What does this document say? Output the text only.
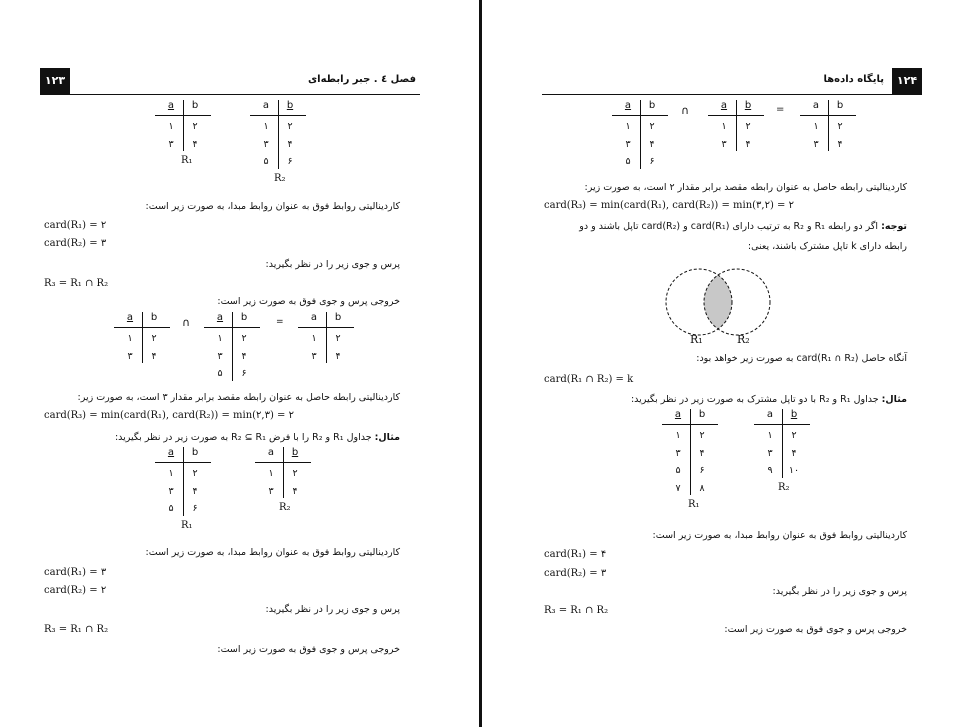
۱۲۳	فصل ٤ . جبر رابطه‌ای
a	b
۱	۲
۳	۴
R₁
a	b
۱	۲
۳	۴
۵	۶
R₂
کاردینالیتی روابط فوق به عنوان روابط مبدا، به صورت زیر است:
card(R₁) = ۲
card(R₂) = ۳
پرس و جوی زیر را در نظر بگیرید:
R₃ = R₁ ∩ R₂
خروجی پرس و جوی فوق به صورت زیر است:
a	b
۱	۲
۳	۴
∩	a	b
۱	۲
۳	۴
۵	۶
=	a	b
۱	۲
۳	۴
کاردینالیتی رابطه حاصل به عنوان رابطه مقصد برابر مقدار ۳ است، به صورت زیر:
card(R₃) = min(card(R₁), card(R₂)) = min(۲,۳) = ۲
مثال: جداول R₁ و R₂ را با فرض R₂ ⊆ R₁ به صورت زیر در نظر بگیرید:
a	b
۱	۲
۳	۴
۵	۶
R₁
a	b
۱	۲
۳	۴
R₂
کاردینالیتی روابط فوق به عنوان روابط مبدا، به صورت زیر است:
card(R₁) = ۳
card(R₂) = ۲
پرس و جوی زیر را در نظر بگیرید:
R₃ = R₁ ∩ R₂
خروجی پرس و جوی فوق به صورت زیر است:
۱۲۴
پایگاه داده‌ها
a	b
۱	۲
۳	۴
۵	۶
∩	a	b
۱	۲
۳	۴
=	a	b
۱	۲
۳	۴
کاردینالیتی رابطه حاصل به عنوان رابطه مقصد برابر مقدار ۲ است، به صورت زیر:
card(R₃) = min(card(R₁), card(R₂)) = min(۳,۲) = ۲
توجه: اگر دو رابطه R₁ و R₂ به ترتیب دارای card(R₁) و card(R₂) تاپل باشند و دو
رابطه دارای k تاپل مشترک باشند، یعنی:
R₁	R₂
آنگاه حاصل card(R₁ ∩ R₂) به صورت زیر خواهد بود:
card(R₁ ∩ R₂) = k
مثال: جداول R₁ و R₂ با دو تاپل مشترک به صورت زیر در نظر بگیرید:
a	b
۱	۲
۳	۴
۵	۶
۷	۸
R₁
a	b
۱	۲
۳	۴
۹	۱۰
R₂
کاردینالیتی روابط فوق به عنوان روابط مبدا، به صورت زیر است:
card(R₁) = ۴
card(R₂) = ۳
پرس و جوی زیر را در نظر بگیرید:
R₃ = R₁ ∩ R₂
خروجی پرس و جوی فوق به صورت زیر است:
